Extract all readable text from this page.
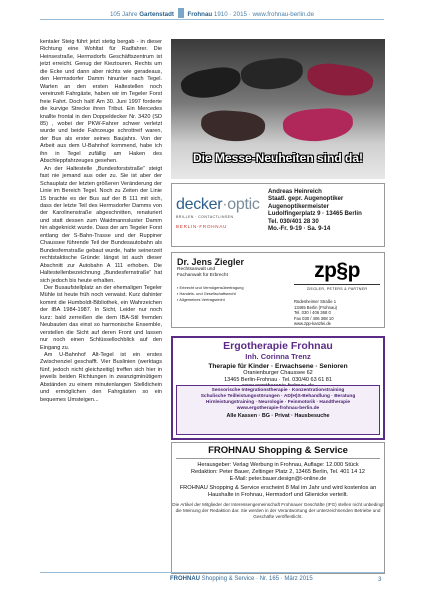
105 Jahre Gartenstadt Frohnau 1910 · 2015 · www.frohnau-berlin.de

kentaler Steig führt jetzt stetig bergab - in dieser Richtung eine Wohltat für Radfahrer. Die Heinsestraße, Hermsdorfs Geschäftszentrum ist jetzt erreicht. Genug der Kieztouren. Rechts um die Ecke und dann aber nichts wie geradeaus, den Hermsdorfer Damm hinunter nach Tegel. Warten an den ersten Haltestellen noch vereinzelt Fahrgäste, haben wir im Tegeler Forst freie Fahrt. Doch halt! Am 30. Juni 1997 forderte die kurvige Strecke ihren Tribut. Ein Mercedes knallte frontal in den Doppeldecker Nr. 3420 (SD 85) , wobei der PKW-Fahrer schwer verletzt wurde und beide Fahrzeuge schrottreif waren, der Bus als erster seines Baujahrs. Von der Arbeit aus dem U-Bahnhof kommend, habe ich ihn in Tegel zufällig am Haken des Abschleppfahrzeuges gesehen.

An der Haltestelle „Bundesforststraße“ steigt fast nie jemand aus oder zu. Sie ist aber der Schauplatz der letzten größeren Veränderung der Linie im Bereich Tegel. Noch zu Zeiten der Linie 15 brachte es der Bus auf der B 111 mit sich, dass der letzte Teil des Hermsdorfer Damms von der Karolinenstraße abgeschnitten, renaturiert und statt dessen zum Waidmannsluster Damm hin abgeknickt wurde. Dass der am Tegeler Forst entlang der S-Bahn-Trasse und der Ruppiner Chaussee führende Teil der Bundesautobahn als Bundesfernstraße gebaut wurde, hatte seinerzeit rechtstaktische Gründe: längst ist auch dieser Abschnitt zur Autobahn A 111 erhoben. Die Haltestellenbezeichnung „Bundesfernstraße“ hat sich jedoch bis heute erhalten.

Der Busaufstellplatz an der ehemaligen Tegeler Mühle ist heute früh noch verwaist. Kurz dahinter kommt die Humboldt-Bibliothek, ein Wahrzeichen der IBA 1984-1987. In Sicht, Leider nur noch kurz: bald zerreißen die dem IBA-Stil fremden Neubauten das einst so harmonische Ensemble, verstellen die Sicht auf deren Front und lassen nur noch einen Schlüssellochblick auf den Eingang zu.

Am U-Bahnhof Alt-Tegel ist ein erstes Zwischenziel geschafft. Vier Buslinien (werktags fünf, jedoch nicht gleichzeitig) treffen sich hier in jeweils beiden Richtungen in zwanzigminütigem Abständen zu einem minutenlangen Stelldichein und ermöglichen den Fahrgästen so ein bequemes Umsteigen...

Die Messe-Neuheiten sind da!
decker·optic
BRILLEN · CONTACTLINSEN
BERLIN-FROHNAU
Andreas Heinreich
Staatl. gepr. Augenoptiker
Augenoptikermeister
Ludolfingerplatz 9 · 13465 Berlin
Tel. 030/401 28 30
Mo.-Fr. 9-19 · Sa. 9-14
Dr. Jens Ziegler
Rechtsanwalt und
Fachanwalt für Erbrecht
▪ Erbrecht und Vermögensübertragung
▪ Handels- und Gesellschaftsrecht
▪ Allgemeines Vertragsrecht
zp§p
ZIEGLER, PETERS & PARTNER
Rüdesheimer Straße 1
13465 Berlin (Frohnau)
Tel. 030 / 406 368 0
Fax 030 / 406 368 10
www.zpp-kanzlei.de
Ergotherapie Frohnau
Inh. Corinna Trenz
Therapie für Kinder · Erwachsene · Senioren
Oranienburger Chaussee 62
13465 Berlin-Frohnau · Tel. 030/40 63 61 81
Sensorische Integrationstherapie · Konzentrationstraining
Schulische Teilleistungsstörungen · AD(H)S-Behandlung · Beratung
Hirnleistungstraining · Neurologie · Feinmotorik · Handtherapie
www.ergotherapie-frohnau-berlin.de
Alle Kassen · BG · Privat · Hausbesuche
FROHNAU Shopping & Service
Herausgeber: Verlag Werbung in Frohnau, Auflage: 12.000 Stück
Redaktion: Peter Bauer, Zeltinger Platz 2, 13465 Berlin, Tel. 401 14 12
E-Mail: peter.bauer.design@t-online.de
FROHNAU Shopping & Service erscheint 8 Mal im Jahr und wird kostenlos an Haushalte in Frohnau, Hermsdorf und Glienicke verteilt.
Die Artikel der Mitglieder der Interessengemeinschaft Frohnauer Geschäfte (IFG) stellen nicht unbedingt die Meinung der Redaktion dar. Sie werden in der Verantwortung der unterzeichnenden Betriebe und Geschäfte veröffentlicht.
FROHNAU Shopping & Service · Nr. 165 · März 2015	3
